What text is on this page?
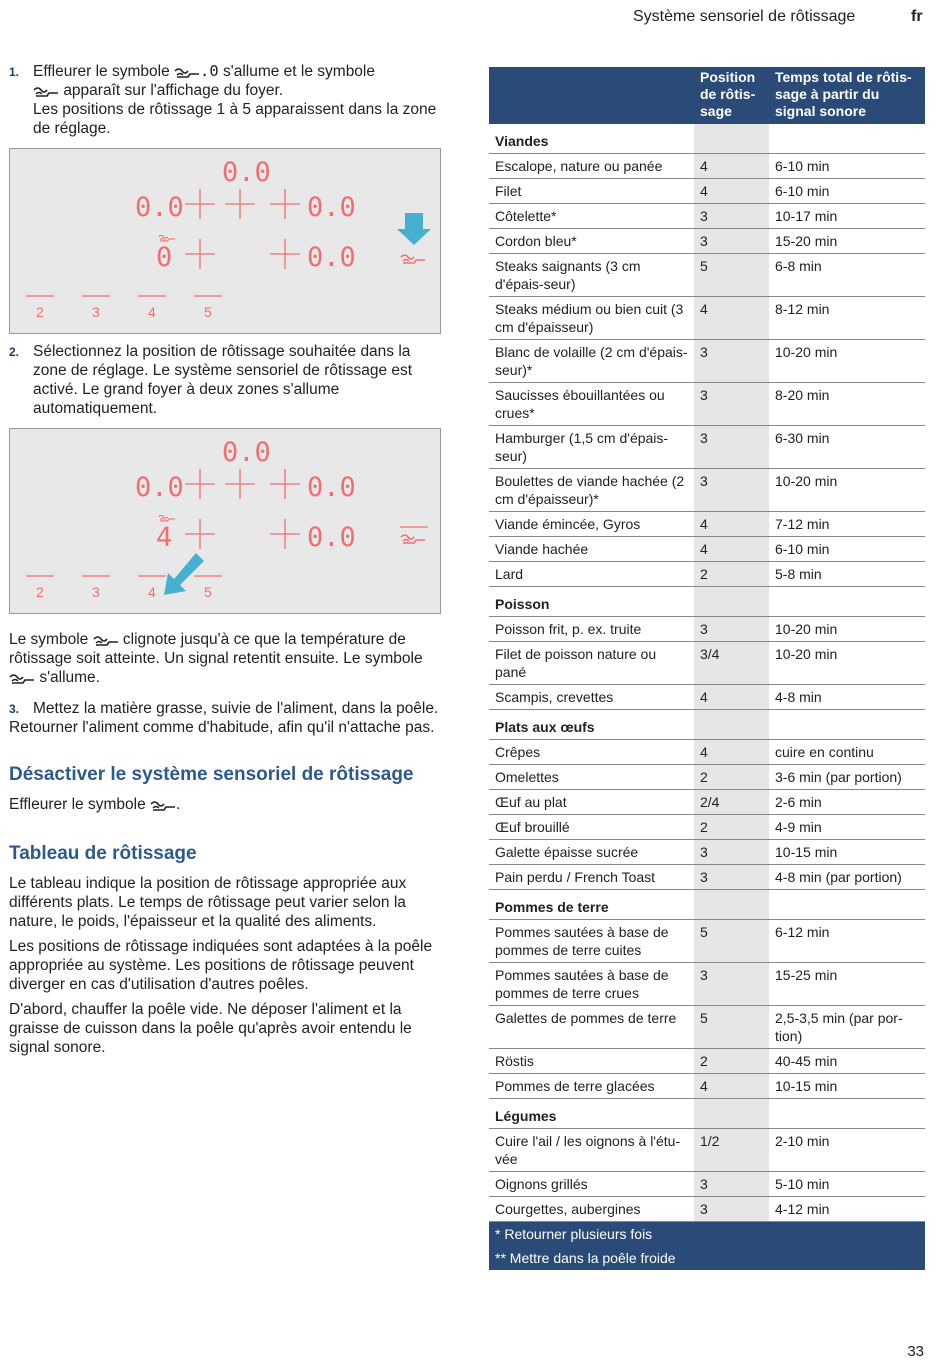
Système sensoriel de rôtissage	fr
1. Effleurer le symbole .0 s'allume et le symbole
apparaît sur l'affichage du foyer.

Les positions de rôtissage 1 à 5 apparaissent dans la zone de réglage.

0.0
0.0	0.0
0.0
0
2	3	4	5
2. Sélectionnez la position de rôtissage souhaitée dans la zone de réglage. Le système sensoriel de rôtissage est activé. Le grand foyer à deux zones s'allume automatiquement.

0.0
0.0	0.0
0.0
4
2	3	4	5

Le symbole clignote jusqu'à ce que la température de rôtissage soit atteinte. Un signal retentit ensuite. Le symbole  s'allume.

3. Mettez la matière grasse, suivie de l'aliment, dans la poêle.

Retourner l'aliment comme d'habitude, afin qu'il n'attache pas.

Désactiver le système sensoriel de rôtissage

Effleurer le symbole .

Tableau de rôtissage

Le tableau indique la position de rôtissage appropriée aux différents plats. Le temps de rôtissage peut varier selon la nature, le poids, l'épaisseur et la qualité des aliments.

Les positions de rôtissage indiquées sont adaptées à la poêle appropriée au système. Les positions de rôtissage peuvent diverger en cas d'utilisation d'autres poêles.

D'abord, chauffer la poêle vide. Ne déposer l'aliment et la graisse de cuisson dans la poêle qu'après avoir entendu le signal sonore.

	Position de rôtis-sage	Temps total de rôtis-sage à partir du signal sonore
Viandes		
Escalope, nature ou panée	4	6-10 min
Filet	4	6-10 min
Côtelette*	3	10-17 min
Cordon bleu*	3	15-20 min
Steaks saignants (3 cm d'épais-seur)	5	6-8 min
Steaks médium ou bien cuit (3 cm d'épaisseur)	4	8-12 min
Blanc de volaille (2 cm d'épais-seur)*	3	10-20 min
Saucisses ébouillantées ou crues*	3	8-20 min
Hamburger (1,5 cm d'épais-seur)	3	6-30 min
Boulettes de viande hachée (2 cm d'épaisseur)*	3	10-20 min
Viande émincée, Gyros	4	7-12 min
Viande hachée	4	6-10 min
Lard	2	5-8 min
Poisson		
Poisson frit, p. ex. truite	3	10-20 min
Filet de poisson nature ou pané	3/4	10-20 min
Scampis, crevettes	4	4-8 min
Plats aux œufs		
Crêpes	4	cuire en continu
Omelettes	2	3-6 min (par portion)
Œuf au plat	2/4	2-6 min
Œuf brouillé	2	4-9 min
Galette épaisse sucrée	3	10-15 min
Pain perdu / French Toast	3	4-8 min (par portion)
Pommes de terre		
Pommes sautées à base de pommes de terre cuites	5	6-12 min
Pommes sautées à base de pommes de terre crues	3	15-25 min
Galettes de pommes de terre	5	2,5-3,5 min (par por-tion)
Röstis	2	40-45 min
Pommes de terre glacées	4	10-15 min
Légumes		
Cuire l'ail / les oignons à l'étu-vée	1/2	2-10 min
Oignons grillés	3	5-10 min
Courgettes, aubergines	3	4-12 min
* Retourner plusieurs fois		
** Mettre dans la poêle froide		
33
